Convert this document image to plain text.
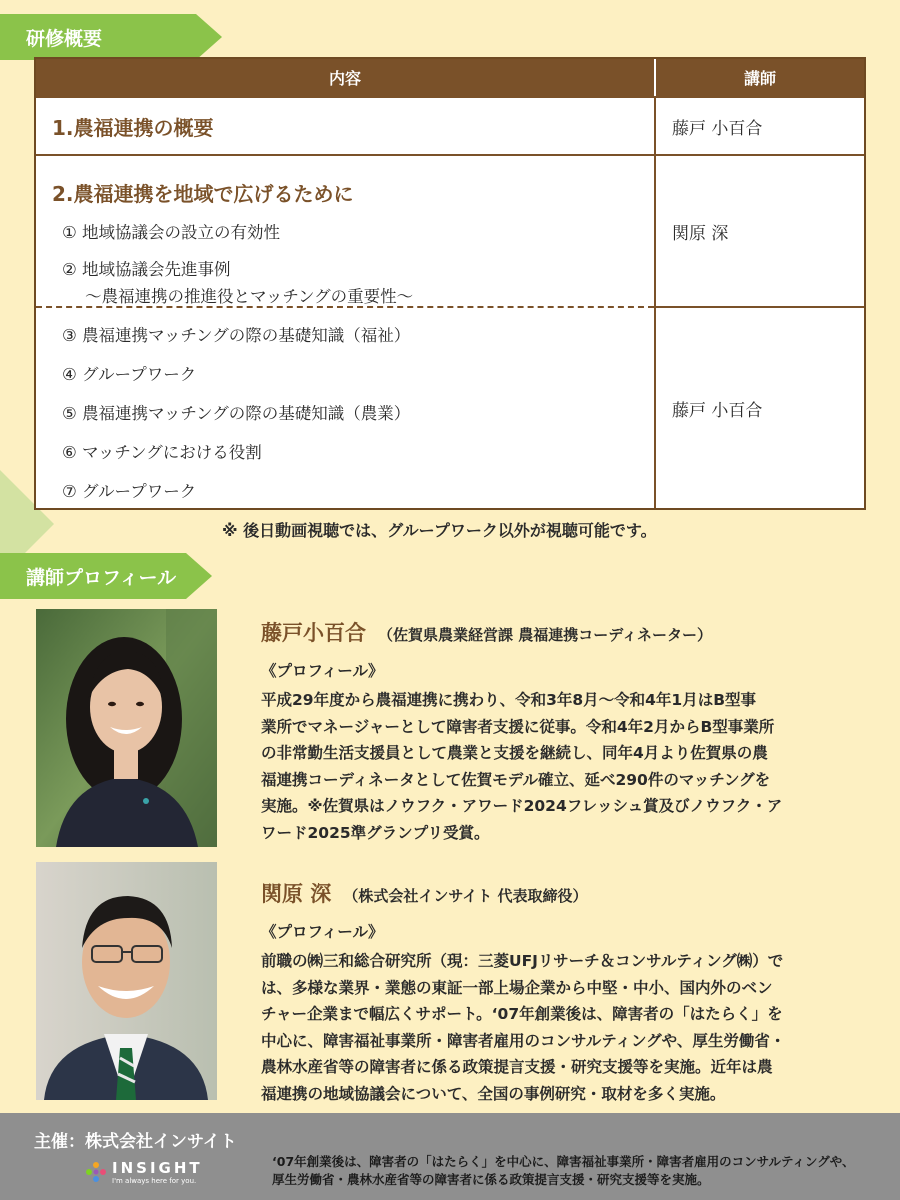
研修概要
内容	講師
1.農福連携の概要	藤戸 小百合
2.農福連携を地域で広げるために
① 地域協議会の設立の有効性
② 地域協議会先進事例
～農福連携の推進役とマッチングの重要性～
③ 農福連携マッチングの際の基礎知識（福祉）
④ グループワーク
⑤ 農福連携マッチングの際の基礎知識（農業）
⑥ マッチングにおける役割
⑦ グループワーク
関原 深
藤戸 小百合
※ 後日動画視聴では、グループワーク以外が視聴可能です。
講師プロフィール
藤戸小百合 （佐賀県農業経営課 農福連携コーディネーター）
《プロフィール》
平成29年度から農福連携に携わり、令和3年8月～令和4年1月はB型事
業所でマネージャーとして障害者支援に従事。令和4年2月からB型事業所
の非常勤生活支援員として農業と支援を継続し、同年4月より佐賀県の農
福連携コーディネータとして佐賀モデル確立、延べ290件のマッチングを
実施。※佐賀県はノウフク・アワード2024フレッシュ賞及びノウフク・ア
ワード2025準グランプリ受賞。
関原 深 （株式会社インサイト 代表取締役）
《プロフィール》
前職の㈱三和総合研究所（現：三菱UFJリサーチ＆コンサルティング㈱）で
は、多様な業界・業態の東証一部上場企業から中堅・中小、国内外のベン
チャー企業まで幅広くサポート。‘07年創業後は、障害者の「はたらく」を
中心に、障害福祉事業所・障害者雇用のコンサルティングや、厚生労働省・
農林水産省等の障害者に係る政策提言支援・研究支援等を実施。近年は農
福連携の地域協議会について、全国の事例研究・取材を多く実施。
主催：株式会社インサイト
INSIGHT
I'm always here for you.
‘07年創業後は、障害者の「はたらく」を中心に、障害福祉事業所・障害者雇用のコンサルティングや、
厚生労働省・農林水産省等の障害者に係る政策提言支援・研究支援等を実施。
